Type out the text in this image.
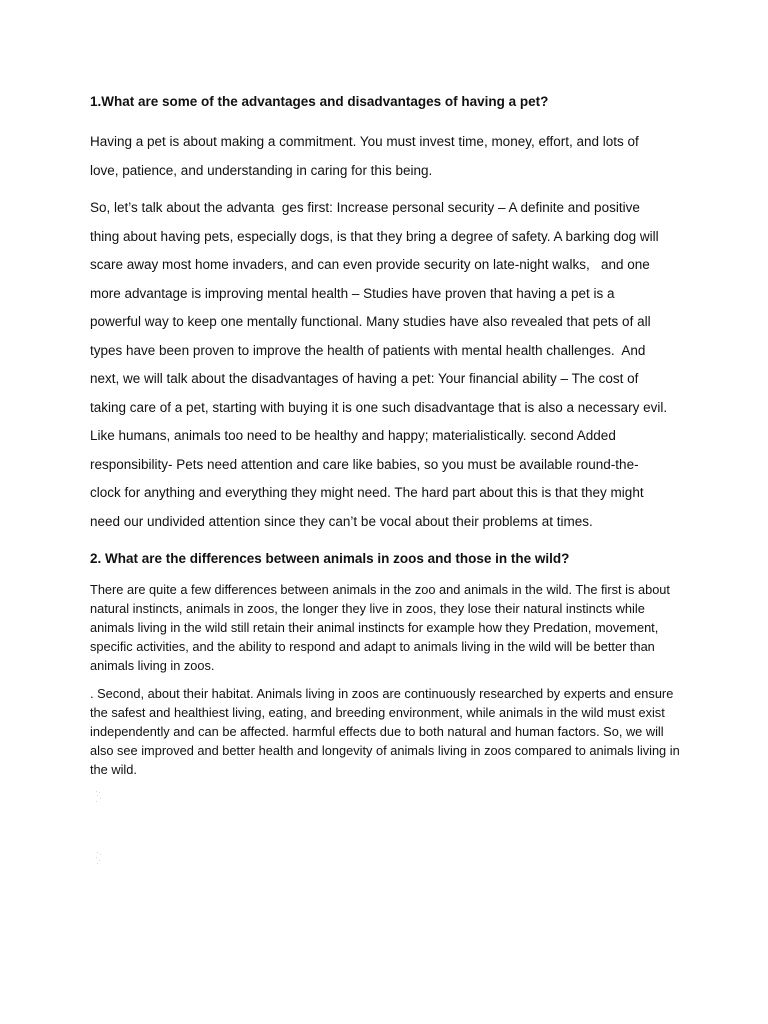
1.What are some of the advantages and disadvantages of having a pet?

Having a pet is about making a commitment. You must invest time, money, effort, and lots of
love, patience, and understanding in caring for this being.

So, let’s talk about the advanta  ges first: Increase personal security – A definite and positive
thing about having pets, especially dogs, is that they bring a degree of safety. A barking dog will
scare away most home invaders, and can even provide security on late-night walks,   and one
more advantage is improving mental health – Studies have proven that having a pet is a
powerful way to keep one mentally functional. Many studies have also revealed that pets of all
types have been proven to improve the health of patients with mental health challenges.  And
next, we will talk about the disadvantages of having a pet: Your financial ability – The cost of
taking care of a pet, starting with buying it is one such disadvantage that is also a necessary evil.
Like humans, animals too need to be healthy and happy; materialistically. second Added
responsibility- Pets need attention and care like babies, so you must be available round-the-
clock for anything and everything they might need. The hard part about this is that they might
need our undivided attention since they can’t be vocal about their problems at times.

2. What are the differences between animals in zoos and those in the wild?

There are quite a few differences between animals in the zoo and animals in the wild. The first is about
natural instincts, animals in zoos, the longer they live in zoos, they lose their natural instincts while
animals living in the wild still retain their animal instincts for example how they Predation, movement,
specific activities, and the ability to respond and adapt to animals living in the wild will be better than
animals living in zoos.

. Second, about their habitat. Animals living in zoos are continuously researched by experts and ensure
the safest and healthiest living, eating, and breeding environment, while animals in the wild must exist
independently and can be affected. harmful effects due to both natural and human factors. So, we will
also see improved and better health and longevity of animals living in zoos compared to animals living in
the wild.
